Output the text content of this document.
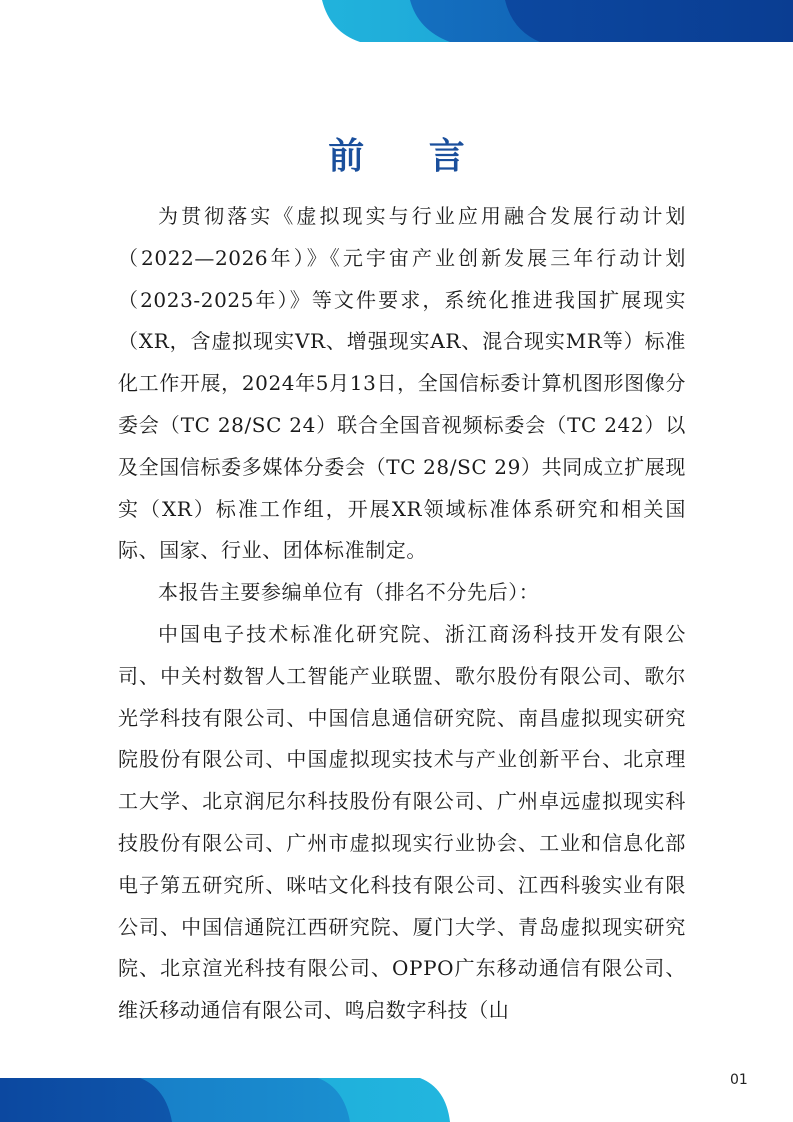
前 言

为贯彻落实《虚拟现实与行业应用融合发展行动计划（2022—2026年）》《元宇宙产业创新发展三年行动计划（2023-2025年）》等文件要求，系统化推进我国扩展现实（XR，含虚拟现实VR、增强现实AR、混合现实MR等）标准化工作开展，2024年5月13日，全国信标委计算机图形图像分委会（TC 28/SC 24）联合全国音视频标委会（TC 242）以及全国信标委多媒体分委会（TC 28/SC 29）共同成立扩展现实（XR）标准工作组，开展XR领域标准体系研究和相关国际、国家、行业、团体标准制定。

本报告主要参编单位有（排名不分先后）：

中国电子技术标准化研究院、浙江商汤科技开发有限公司、中关村数智人工智能产业联盟、歌尔股份有限公司、歌尔光学科技有限公司、中国信息通信研究院、南昌虚拟现实研究院股份有限公司、中国虚拟现实技术与产业创新平台、北京理工大学、北京润尼尔科技股份有限公司、广州卓远虚拟现实科技股份有限公司、广州市虚拟现实行业协会、工业和信息化部电子第五研究所、咪咕文化科技有限公司、江西科骏实业有限公司、中国信通院江西研究院、厦门大学、青岛虚拟现实研究院、北京渲光科技有限公司、OPPO广东移动通信有限公司、维沃移动通信有限公司、鸣启数字科技（山

01
